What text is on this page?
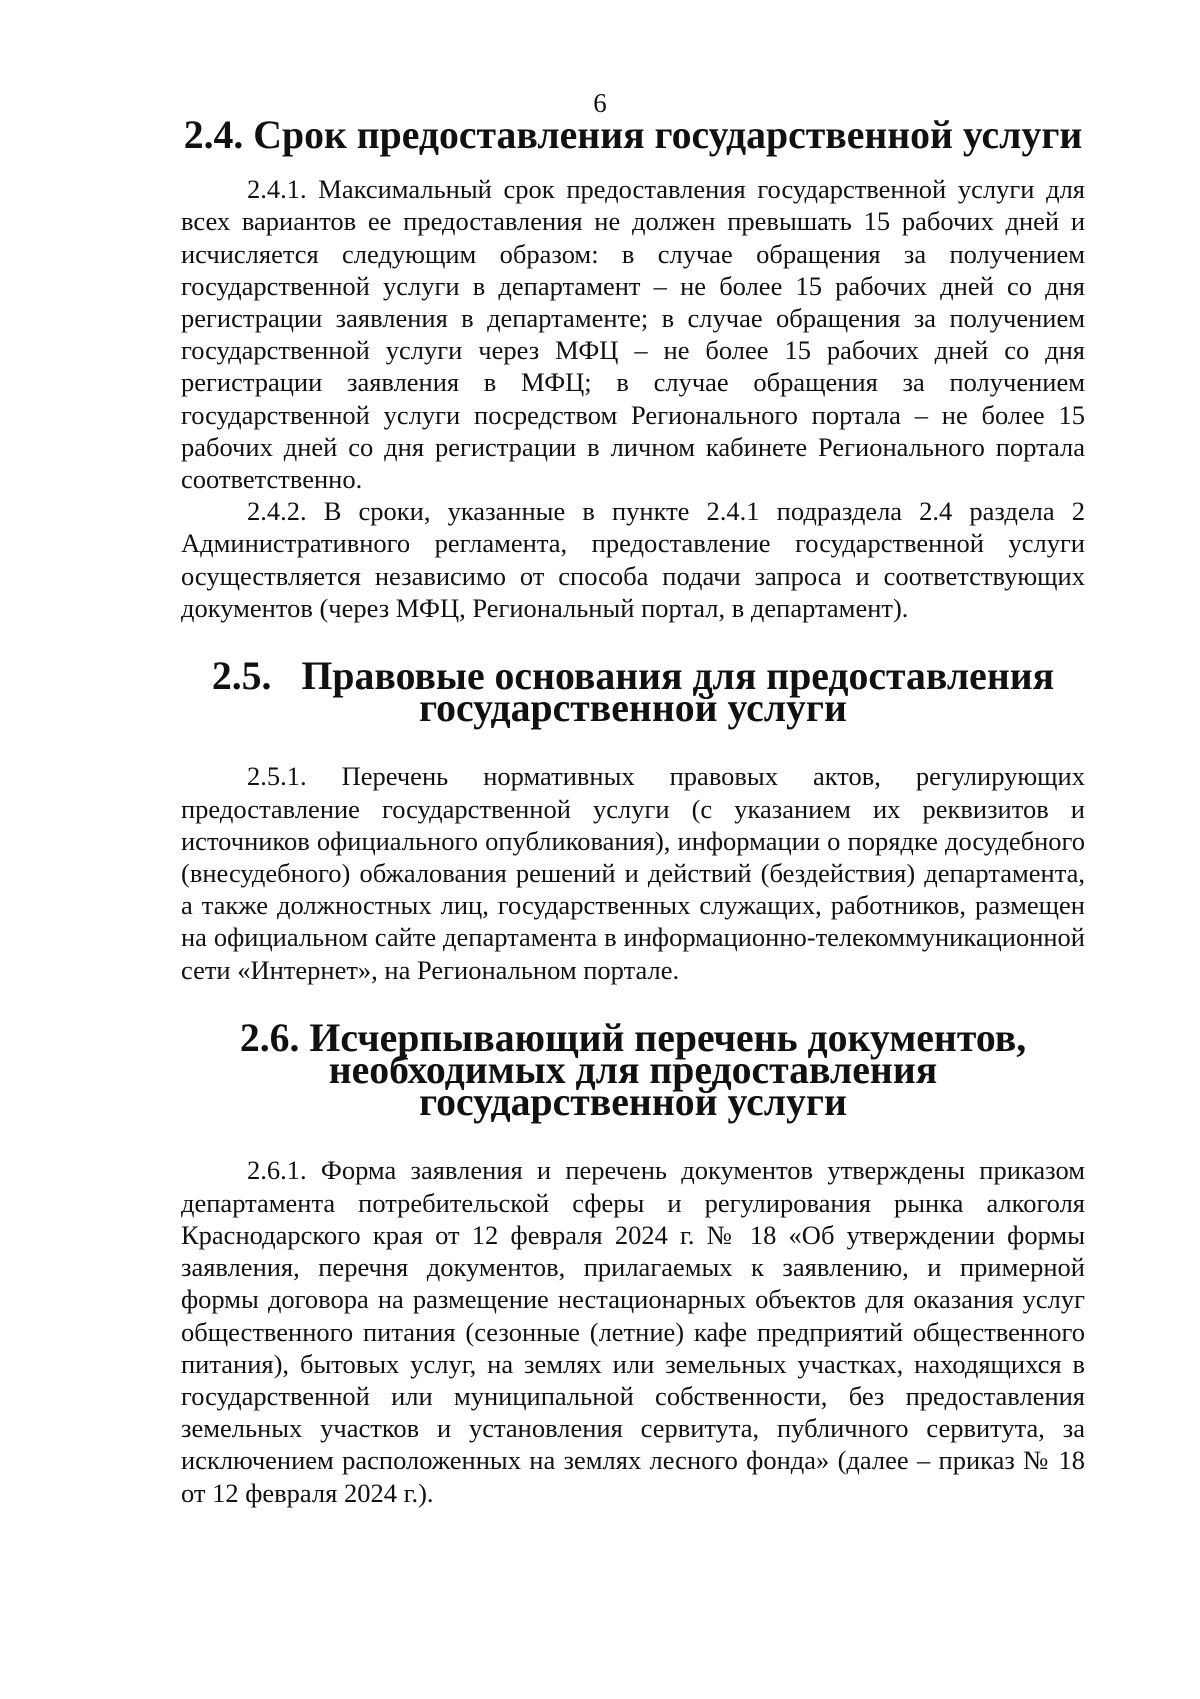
6
2.4. Срок предоставления государственной услуги

2.4.1. Максимальный срок предоставления государственной услуги для всех вариантов ее предоставления не должен превышать 15 рабочих дней и исчисляется следующим образом: в случае обращения за получением государственной услуги в департамент – не более 15 рабочих дней со дня регистрации заявления в департаменте; в случае обращения за получением государственной услуги через МФЦ – не более 15 рабочих дней со дня регистрации заявления в МФЦ; в случае обращения за получением государственной услуги посредством Регионального портала – не более 15 рабочих дней со дня регистрации в личном кабинете Регионального портала соответственно.

2.4.2. В сроки, указанные в пункте 2.4.1 подраздела 2.4 раздела 2 Административного регламента, предоставление государственной услуги осуществляется независимо от способа подачи запроса и соответствующих документов (через МФЦ, Региональный портал, в департамент).

2.5. Правовые основания для предоставления
государственной услуги

2.5.1. Перечень нормативных правовых актов, регулирующих предоставление государственной услуги (с указанием их реквизитов и источников официального опубликования), информации о порядке досудебного (внесудебного) обжалования решений и действий (бездействия) департамента, а также должностных лиц, государственных служащих, работников, размещен на официальном сайте департамента в информационно-телекоммуникационной сети «Интернет», на Региональном портале.

2.6. Исчерпывающий перечень документов,
необходимых для предоставления
государственной услуги

2.6.1. Форма заявления и перечень документов утверждены приказом департамента потребительской сферы и регулирования рынка алкоголя Краснодарского края от 12 февраля 2024 г. № 18 «Об утверждении формы заявления, перечня документов, прилагаемых к заявлению, и примерной формы договора на размещение нестационарных объектов для оказания услуг общественного питания (сезонные (летние) кафе предприятий общественного питания), бытовых услуг, на землях или земельных участках, находящихся в государственной или муниципальной собственности, без предоставления земельных участков и установления сервитута, публичного сервитута, за исключением расположенных на землях лесного фонда» (далее – приказ № 18 от 12 февраля 2024 г.).
